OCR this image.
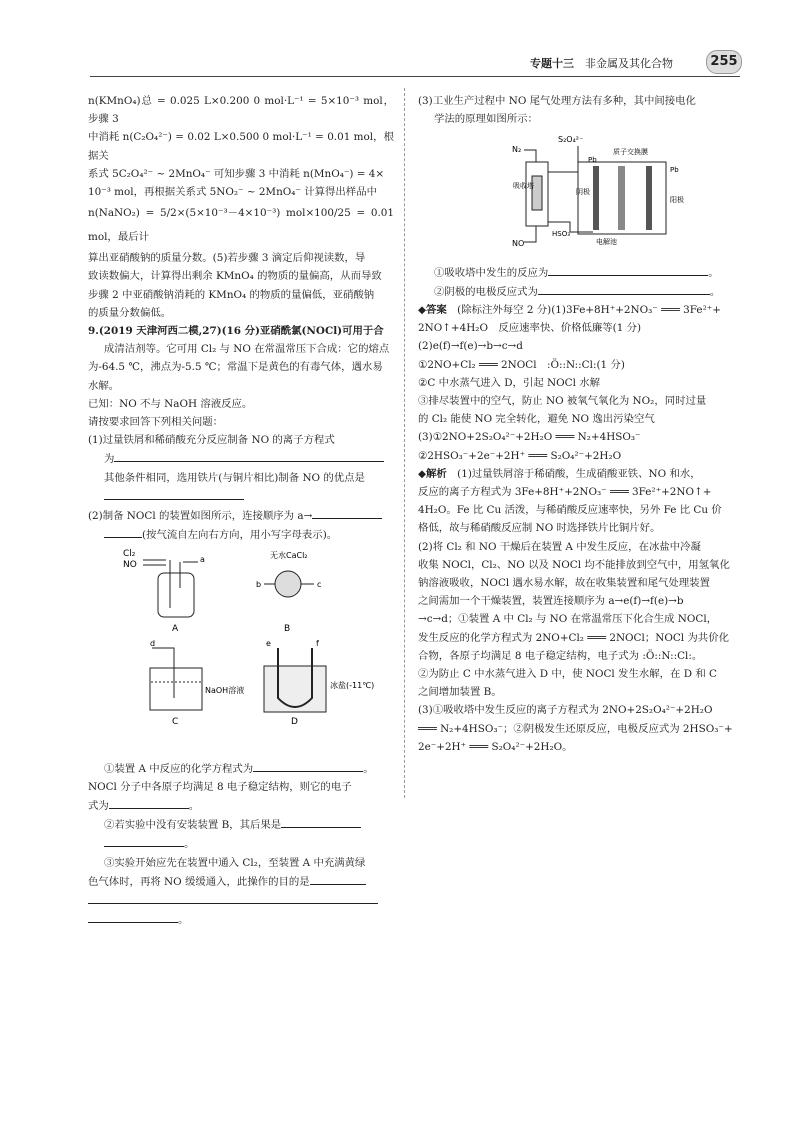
专题十三 非金属及其化合物	255

n(KMnO₄)总 = 0.025 L×0.200 0 mol·L⁻¹ = 5×10⁻³ mol，步骤 3

中消耗 n(C₂O₄²⁻) = 0.02 L×0.500 0 mol·L⁻¹ = 0.01 mol，根据关

系式 5C₂O₄²⁻ ~ 2MnO₄⁻ 可知步骤 3 中消耗 n(MnO₄⁻) = 4×

10⁻³ mol，再根据关系式 5NO₂⁻ ~ 2MnO₄⁻ 计算得出样品中

n(NaNO₂) = 5/2×(5×10⁻³－4×10⁻³) mol×100/25 = 0.01 mol，最后计

算出亚硝酸钠的质量分数。(5)若步骤 3 滴定后仰视读数，导

致读数偏大，计算得出剩余 KMnO₄ 的物质的量偏高，从而导致

步骤 2 中亚硝酸钠消耗的 KMnO₄ 的物质的量偏低，亚硝酸钠

的质量分数偏低。

9.(2019 天津河西二模,27)(16 分)亚硝酰氯(NOCl)可用于合

成清洁剂等。它可用 Cl₂ 与 NO 在常温常压下合成：它的熔点

为-64.5 ℃，沸点为-5.5 ℃；常温下是黄色的有毒气体，遇水易

水解。

已知：NO 不与 NaOH 溶液反应。

请按要求回答下列相关问题：

(1)过量铁屑和稀硝酸充分反应制备 NO 的离子方程式

为

其他条件相同，选用铁片(与铜片相比)制备 NO 的优点是

(2)制备 NOCl 的装置如图所示，连接顺序为 a→

(按气流自左向右方向，用小写字母表示)。

Cl₂
NO
a
A
无水CaCl₂
b	c
B
d
NaOH溶液
C
e	f
冰盐(-11℃)
D

①装置 A 中反应的化学方程式为	。

NOCl 分子中各原子均满足 8 电子稳定结构，则它的电子

式为	。

②若实验中没有安装装置 B，其后果是

。

③实验开始应先在装置中通入 Cl₂，至装置 A 中充满黄绿

色气体时，再将 NO 缓缓通入，此操作的目的是

。

(3)工业生产过程中 NO 尾气处理方法有多种，其中间接电化

学法的原理如图所示：

N₂
S₂O₄²⁻
吸收塔
NO
Pb
Pb
质子交换膜
阴极
阳极
HSO₃⁻
电解池

①吸收塔中发生的反应为	。

②阴极的电极反应式为	。

◆答案　 (除标注外每空 2 分)(1)3Fe+8H⁺+2NO₃⁻ ═══ 3Fe²⁺+

2NO↑+4H₂O　反应速率快、价格低廉等(1 分)

(2)e(f)→f(e)→b→c→d

①2NO+Cl₂ ═══ 2NOCl　:Ö::N::Cl:(1 分)

②C 中水蒸气进入 D，引起 NOCl 水解

③排尽装置中的空气，防止 NO 被氧气氧化为 NO₂，同时过量

的 Cl₂ 能使 NO 完全转化，避免 NO 逸出污染空气

(3)①2NO+2S₂O₄²⁻+2H₂O ═══ N₂+4HSO₃⁻

②2HSO₃⁻+2e⁻+2H⁺ ═══ S₂O₄²⁻+2H₂O

◆解析　 (1)过量铁屑溶于稀硝酸，生成硝酸亚铁、NO 和水，

反应的离子方程式为 3Fe+8H⁺+2NO₃⁻ ═══ 3Fe²⁺+2NO↑+

4H₂O。Fe 比 Cu 活泼，与稀硝酸反应速率快，另外 Fe 比 Cu 价

格低，故与稀硝酸反应制 NO 时选择铁片比铜片好。

(2)将 Cl₂ 和 NO 干燥后在装置 A 中发生反应，在冰盐中冷凝

收集 NOCl，Cl₂、NO 以及 NOCl 均不能排放到空气中，用氢氧化

钠溶液吸收，NOCl 遇水易水解，故在收集装置和尾气处理装置

之间需加一个干燥装置，装置连接顺序为 a→e(f)→f(e)→b

→c→d；①装置 A 中 Cl₂ 与 NO 在常温常压下化合生成 NOCl，

发生反应的化学方程式为 2NO+Cl₂ ═══ 2NOCl；NOCl 为共价化

合物，各原子均满足 8 电子稳定结构，电子式为 :Ö::N::Cl:。

②为防止 C 中水蒸气进入 D 中，使 NOCl 发生水解，在 D 和 C

之间增加装置 B。

(3)①吸收塔中发生反应的离子方程式为 2NO+2S₂O₄²⁻+2H₂O

═══ N₂+4HSO₃⁻；②阴极发生还原反应，电极反应式为 2HSO₃⁻+

2e⁻+2H⁺ ═══ S₂O₄²⁻+2H₂O。
